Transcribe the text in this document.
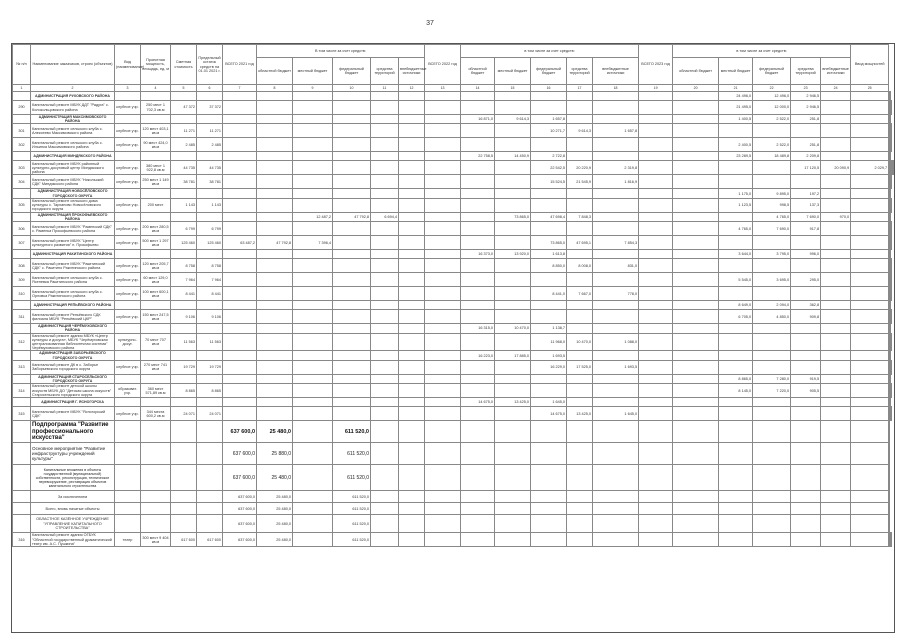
37
№ п/п	Наименование заказчиков, строек (объектов)	Вид (наименование)	Проектная мощность, площадь, ед. м	Сметная стоимость	Предельный остаток средств на 01.01 2021 г.	ВСЕГО 2021 год	В том числе за счет средств:					ВСЕГО 2022 год	в том числе за счет средств:					ВСЕГО 2023 год	в том числе за счет средств:					Ввод мощностей			
							областной бюджет	местный бюджет	федеральный бюджет	средства территорий	внебюджетные источники		областной бюджет	местный бюджет	федеральный бюджет	средства территорий	внебюджетные источники		областной бюджет	местный бюджет	федеральный бюджет	средства территорий	внебюджетные источники				
1	2	3	4	5	6	7	8	9	10	11	12	13	14	15	16	17	18	19	20	21	22	23	24	25			
	АДМИНИСТРАЦИЯ РУХОВСКОГО РАЙОНА																			24 496,0	12 496,0	2 946,5					
290	Капитальный ремонт МБУК ДДТ "Радуга" с. Колокольцовского района	клубное учр.	250 мест 1 702,3 кв.м	47 372	37 372															21 495,0	12 000,0	2 946,5					
	АДМИНИСТРАЦИЯ МАКСИМОВСКОГО РАЙОНА												16 871,0	9 614,3	1 657,8					1 400,5	2 522,0	251,8					
301	Капитальный ремонт сельского клуба с. Алексеево Максимовского района	клубное учр.	120 мест 403,1 кв.м	11 271	11 271										10 271,7	9 614,3	1 657,8										
302	Капитальный ремонт сельского клуба с. Ильинка Максимовского района	клубное учр.	90 мест 424,0 кв.м	2 485	2 485															2 400,5	2 522,0	251,8					
	АДМИНИСТРАЦИЯ МИНДЯКСКОГО РАЙОНА												22 758,5	14 450,9	2 722,8					23 289,5	18 489,8	2 209,8					
303	Капитальный ремонт МБУК районный культурно-досуговый центр Миндякского района	клубное учр.	380 мест 1 922,8 кв.м	44 735	44 735										22 542,5	20 220,9	2 319,8					17 120,5	20 090,9	2 029,7					
304	Капитальный ремонт МБУК "Никольский СДК" Миндякского района	клубное учр.	250 мест 1 149 кв.м	38 781	38 781										15 524,5	21 545,9	1 816,9										
	АДМИНИСТРАЦИЯ НОВОСЁЛОВСКОГО ГОРОДСКОГО ОКРУГА																			1 175,0	9 895,0	197,2					
305	Капитальный ремонт сельского дома культуры с. Тарханово Новосёловского городского округа	клубное учр.	200 мест	1 143	1 143															1 123,5	998,5	137,3					
	АДМИНИСТРАЦИЯ ПРОКОФЬЕВСКОГО РАЙОНА							12 487,2	47 792,8	6 694,4				73 865,0	47 698,4	7 848,3					4 765,0	7 690,0	970,0				
306	Капитальный ремонт МБУК "Раменский СДК" с. Раменка Прокофьевского района	клубное учр.	200 мест 280,5 кв.м	6 799	6 799															4 765,0	7 690,0	917,8					
307	Капитальный ремонт МБУК "Центр культурного развития" п. Прокофьево	клубное учр.	500 мест 1 297 кв.м	125 460	125 460	63 487,2	47 792,8	7 396,4							73 865,0	47 695,1	7 854,3										
	АДМИНИСТРАЦИЯ РАКИТИНСКОГО РАЙОНА												16 373,0	13 920,0	1 613,8					3 644,0	3 795,0	996,0					
308	Капитальный ремонт МБУК "Ракитинский СДК" с. Ракитино Ракитинского района	клубное учр.	120 мест 205,7 кв.м	8 758	8 758										8 850,0	8 008,0	831,0										
309	Капитальный ремонт сельского клуба с. Ясеневка Ракитинского района	клубное учр.	60 мест 129,0 кв.м	7 964	7 964															5 545,0	3 695,0	295,0					
310	Капитальный ремонт сельского клуба с. Орловка Ракитинского района	клубное учр.	100 мест 600,1 кв.м	8 441	8 441										8 441,0	7 667,0	778,0										
	АДМИНИСТРАЦИЯ РЕПЬЁВСКОГО РАЙОНА																			8 649,0	2 094,0	362,8					
311	Капитальный ремонт Репьёвского СДК филиала МБУК "Репьёвский ЦКР"	клубное учр.	150 мест 247,5 кв.м	9 106	9 106															6 705,0	4 850,0	909,8					
	АДМИНИСТРАЦИЯ ЧЕРЁМУХОВСКОГО РАЙОНА												16 315,0	10 470,0	1 138,7												
312	Капитальный ремонт здания МБУК «Центр культуры и досуга», МБУК "Черёмуховская централизованная библиотечная система" Черёмуховского района	культурно-досуг.	70 мест 707 кв.м	11 563	11 563										11 968,0	10 470,0	1 088,0										
	АДМИНИСТРАЦИЯ ЗАБОРЬЕВСКОГО ГОРОДСКОГО ОКРУГА												16 223,0	17 885,0	1 693,5												
313	Капитальный ремонт ДК в с. Заборье Заборьевского городского округа	клубное учр.	270 мест 741 кв.м	19 729	19 729										16 229,0	17 525,0	1 693,5										
	АДМИНИСТРАЦИЯ СТАРОСЕЛЬСКОГО ГОРОДСКОГО ОКРУГА																			8 865,0	7 280,0	919,5					
314	Капитальный ремонт детской школы искусств МБУК ДО "Детская школа искусств" Старосельского городского округа	образоват. учр.	360 мест 571,89 кв.м	8 865	8 865															8 145,0	7 220,0	905,5					
	АДМИНИСТРАЦИЯ Г. ЯСНОГОРСКА												14 675,0	13 425,0	1 645,0												
315	Капитальный ремонт МБУК "Ясногорский СДК"	клубное учр.	344 места 600,2 кв.м	24 071	24 071										14 675,0	13 425,0	1 645,0										
	Подпрограмма "Развитие профессионального искусства"					637 600,0	25 480,0		611 520,0																		
	Основное мероприятие "Развитие инфраструктуры учреждений культуры"					637 600,0	25 880,0		611 520,0																		
	Капитальные вложения в объекты государственной (муниципальной) собственности, реконструкция, техническое перевооружение, реставрация объектов капитального строительства					637 600,0	25 480,0		611 520,0																		
	За исключением					637 600,0	25 480,0		611 520,0																		
	Всего, вновь начатые объекты					637 600,0	25 480,0		611 520,0																		
	ОБЛАСТНОЕ КАЗЁННОЕ УЧРЕЖДЕНИЕ "УПРАВЛЕНИЕ КАПИТАЛЬНОГО СТРОИТЕЛЬСТВА"					637 600,0	25 480,0		611 520,0																		
316	Капитальный ремонт здания ОГБУК "Областной государственный драматический театр им. А.С. Пушкина"	театр	300 мест 9 404 кв.м	617 600	617 600	637 600,0	25 480,0		611 520,0																		
